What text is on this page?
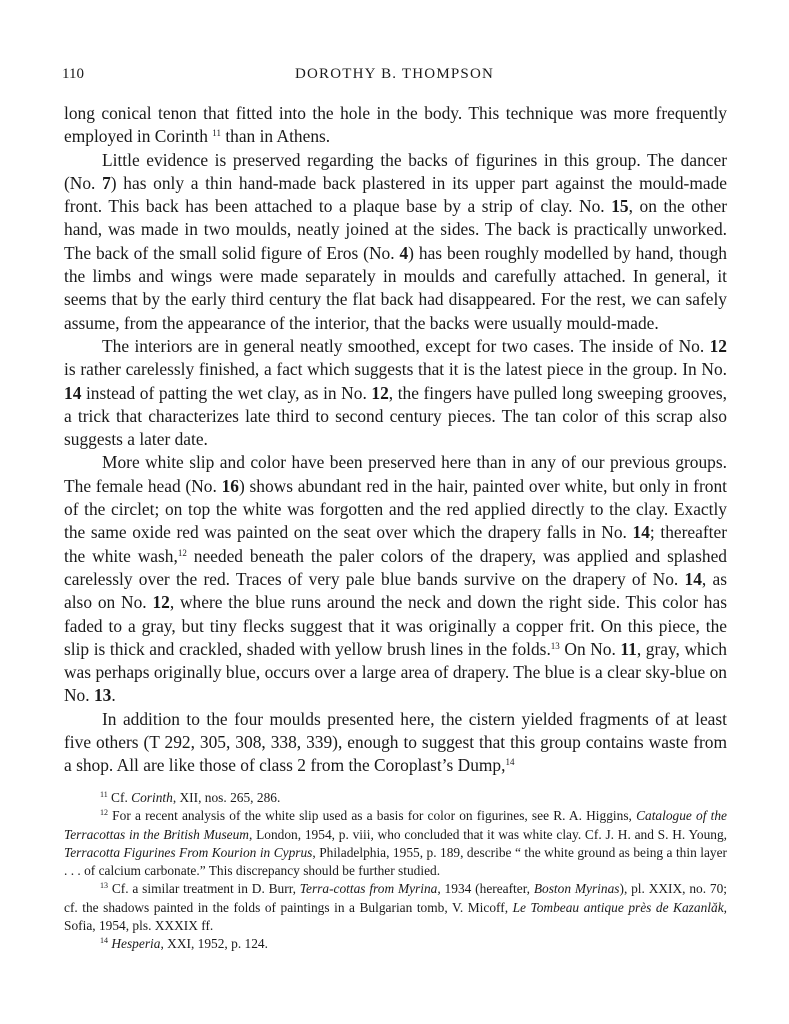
110	DOROTHY B. THOMPSON

long conical tenon that fitted into the hole in the body. This technique was more frequently employed in Corinth $^{11}$ than in Athens.

Little evidence is preserved regarding the backs of figurines in this group. The dancer (No. 7) has only a thin hand-made back plastered in its upper part against the mould-made front. This back has been attached to a plaque base by a strip of clay. No. 15, on the other hand, was made in two moulds, neatly joined at the sides. The back is practically unworked. The back of the small solid figure of Eros (No. 4) has been roughly modelled by hand, though the limbs and wings were made separately in moulds and carefully attached. In general, it seems that by the early third century the flat back had disappeared. For the rest, we can safely assume, from the appearance of the interior, that the backs were usually mould-made.

The interiors are in general neatly smoothed, except for two cases. The inside of No. 12 is rather carelessly finished, a fact which suggests that it is the latest piece in the group. In No. 14 instead of patting the wet clay, as in No. 12, the fingers have pulled long sweeping grooves, a trick that characterizes late third to second century pieces. The tan color of this scrap also suggests a later date.

More white slip and color have been preserved here than in any of our previous groups. The female head (No. 16) shows abundant red in the hair, painted over white, but only in front of the circlet; on top the white was forgotten and the red applied directly to the clay. Exactly the same oxide red was painted on the seat over which the drapery falls in No. 14; thereafter the white wash,$^{12}$ needed beneath the paler colors of the drapery, was applied and splashed carelessly over the red. Traces of very pale blue bands survive on the drapery of No. 14, as also on No. 12, where the blue runs around the neck and down the right side. This color has faded to a gray, but tiny flecks suggest that it was originally a copper frit. On this piece, the slip is thick and crackled, shaded with yellow brush lines in the folds.$^{13}$ On No. 11, gray, which was perhaps originally blue, occurs over a large area of drapery. The blue is a clear sky-blue on No. 13.

In addition to the four moulds presented here, the cistern yielded fragments of at least five others (T 292, 305, 308, 338, 339), enough to suggest that this group contains waste from a shop. All are like those of class 2 from the Coroplast’s Dump,$^{14}$

$^{11}$ Cf. Corinth, XII, nos. 265, 286.

$^{12}$ For a recent analysis of the white slip used as a basis for color on figurines, see R. A. Higgins, Catalogue of the Terracottas in the British Museum, London, 1954, p. viii, who concluded that it was white clay. Cf. J. H. and S. H. Young, Terracotta Figurines From Kourion in Cyprus, Philadelphia, 1955, p. 189, describe “ the white ground as being a thin layer . . . of calcium carbonate.” This discrepancy should be further studied.

$^{13}$ Cf. a similar treatment in D. Burr, Terra-cottas from Myrina, 1934 (hereafter, Boston Myrinas), pl. XXIX, no. 70; cf. the shadows painted in the folds of paintings in a Bulgarian tomb, V. Micoff, Le Tombeau antique près de Kazanlăk, Sofia, 1954, pls. XXXIX ff.

$^{14}$ Hesperia, XXI, 1952, p. 124.
